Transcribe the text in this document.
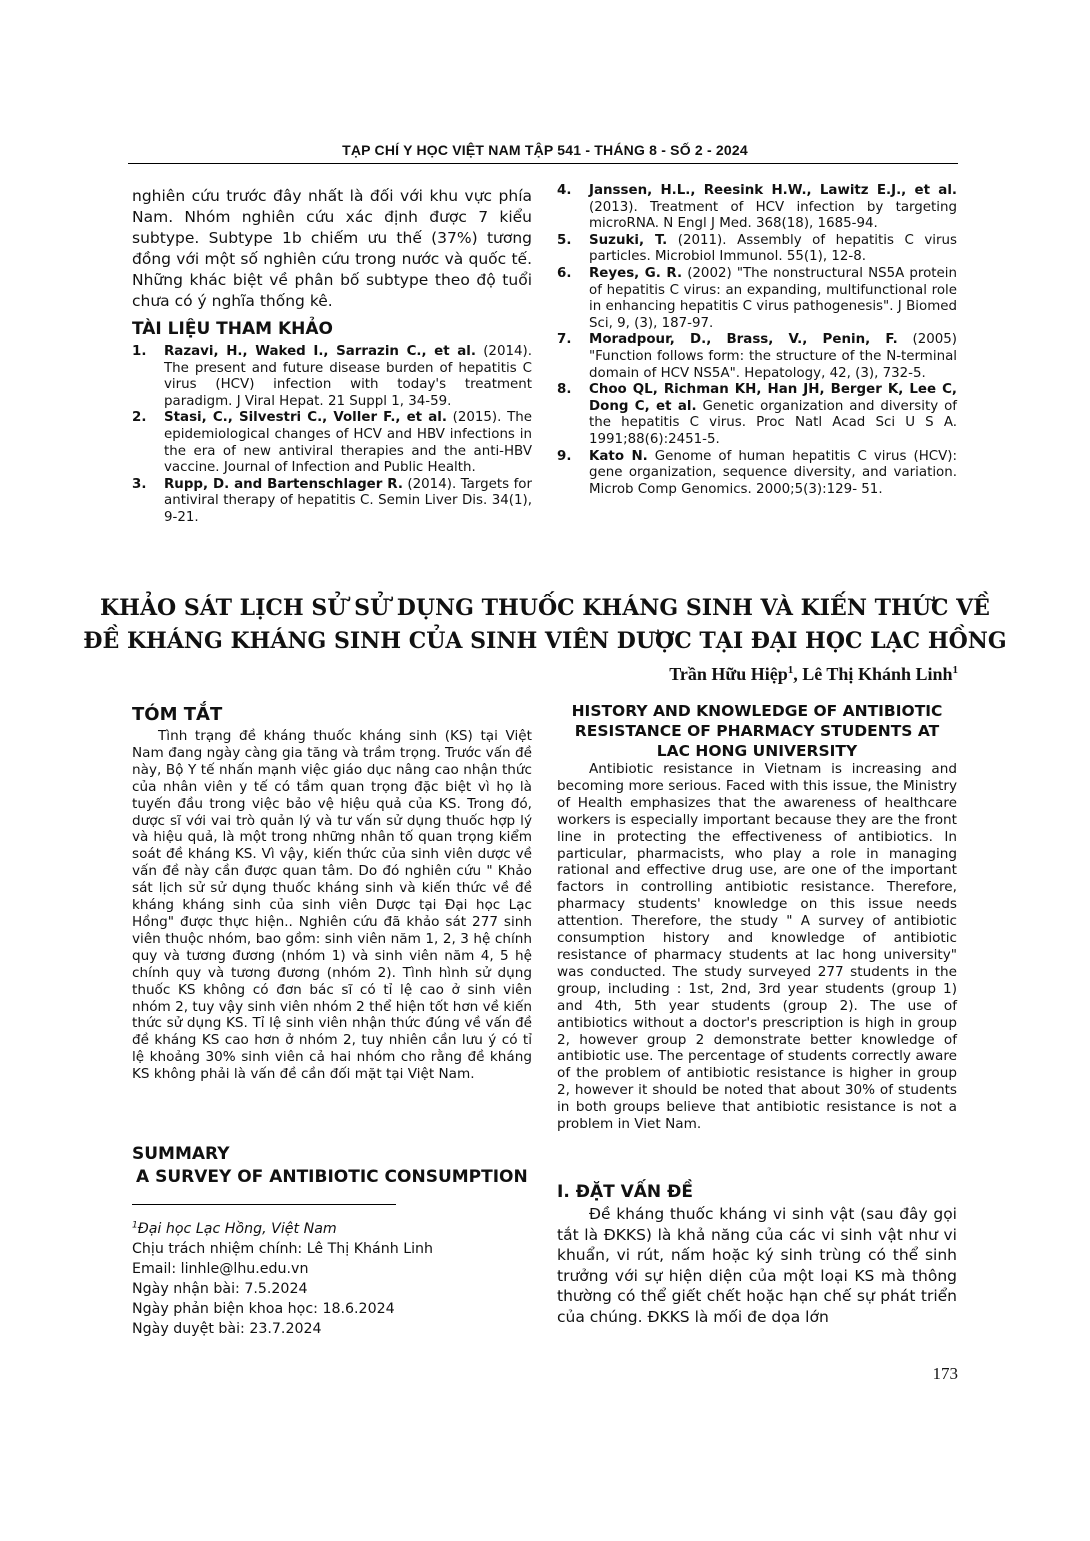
TẠP CHÍ Y HỌC VIỆT NAM TẬP 541 - THÁNG 8 - SỐ 2 - 2024
nghiên cứu trước đây nhất là đối với khu vực phía Nam. Nhóm nghiên cứu xác định được 7 kiểu subtype. Subtype 1b chiếm ưu thế (37%) tương đồng với một số nghiên cứu trong nước và quốc tế. Những khác biệt về phân bố subtype theo độ tuổi chưa có ý nghĩa thống kê.
TÀI LIỆU THAM KHẢO
1.	Razavi, H., Waked I., Sarrazin C., et al. (2014). The present and future disease burden of hepatitis C virus (HCV) infection with today's treatment paradigm. J Viral Hepat. 21 Suppl 1, 34-59.
2.	Stasi, C., Silvestri C., Voller F., et al. (2015). The epidemiological changes of HCV and HBV infections in the era of new antiviral therapies and the anti-HBV vaccine. Journal of Infection and Public Health.
3.	Rupp, D. and Bartenschlager R. (2014). Targets for antiviral therapy of hepatitis C. Semin Liver Dis. 34(1), 9-21.
4.	Janssen, H.L., Reesink H.W., Lawitz E.J., et al. (2013). Treatment of HCV infection by targeting microRNA. N Engl J Med. 368(18), 1685-94.
5.	Suzuki, T. (2011). Assembly of hepatitis C virus particles. Microbiol Immunol. 55(1), 12-8.
6.	Reyes, G. R. (2002) "The nonstructural NS5A protein of hepatitis C virus: an expanding, multifunctional role in enhancing hepatitis C virus pathogenesis". J Biomed Sci, 9, (3), 187-97.
7.	Moradpour, D., Brass, V., Penin, F. (2005) "Function follows form: the structure of the N-terminal domain of HCV NS5A". Hepatology, 42, (3), 732-5.
8.	Choo QL, Richman KH, Han JH, Berger K, Lee C, Dong C, et al. Genetic organization and diversity of the hepatitis C virus. Proc Natl Acad Sci U S A. 1991;88(6):2451-5.
9.	Kato N. Genome of human hepatitis C virus (HCV): gene organization, sequence diversity, and variation. Microb Comp Genomics. 2000;5(3):129- 51.
KHẢO SÁT LỊCH SỬ SỬ DỤNG THUỐC KHÁNG SINH VÀ KIẾN THỨC VỀ
ĐỀ KHÁNG KHÁNG SINH CỦA SINH VIÊN DƯỢC TẠI ĐẠI HỌC LẠC HỒNG
Trần Hữu Hiệp$^1$, Lê Thị Khánh Linh$^1$
TÓM TẮT
Tình trạng đề kháng thuốc kháng sinh (KS) tại Việt Nam đang ngày càng gia tăng và trầm trọng. Trước vấn đề này, Bộ Y tế nhấn mạnh việc giáo dục nâng cao nhận thức của nhân viên y tế có tầm quan trọng đặc biệt vì họ là tuyến đầu trong việc bảo vệ hiệu quả của KS. Trong đó, dược sĩ với vai trò quản lý và tư vấn sử dụng thuốc hợp lý và hiệu quả, là một trong những nhân tố quan trọng kiểm soát đề kháng KS. Vì vậy, kiến thức của sinh viên dược về vấn đề này cần được quan tâm. Do đó nghiên cứu " Khảo sát lịch sử sử dụng thuốc kháng sinh và kiến thức về đề kháng kháng sinh của sinh viên Dược tại Đại học Lạc Hồng" được thực hiện.. Nghiên cứu đã khảo sát 277 sinh viên thuộc nhóm, bao gồm: sinh viên năm 1, 2, 3 hệ chính quy và tương đương (nhóm 1) và sinh viên năm 4, 5 hệ chính quy và tương đương (nhóm 2). Tình hình sử dụng thuốc KS không có đơn bác sĩ có tỉ lệ cao ở sinh viên nhóm 2, tuy vậy sinh viên nhóm 2 thể hiện tốt hơn về kiến thức sử dụng KS. Tỉ lệ sinh viên nhận thức đúng về vấn đề đề kháng KS cao hơn ở nhóm 2, tuy nhiên cần lưu ý có tỉ lệ khoảng 30% sinh viên cả hai nhóm cho rằng đề kháng KS không phải là vấn đề cần đối mặt tại Việt Nam.
SUMMARY
A SURVEY OF ANTIBIOTIC CONSUMPTION
$^1$Đại học Lạc Hồng, Việt Nam
Chịu trách nhiệm chính: Lê Thị Khánh Linh
Email: linhle@lhu.edu.vn
Ngày nhận bài: 7.5.2024
Ngày phản biện khoa học: 18.6.2024
Ngày duyệt bài: 23.7.2024
HISTORY AND KNOWLEDGE OF ANTIBIOTIC RESISTANCE OF PHARMACY STUDENTS AT LAC HONG UNIVERSITY
Antibiotic resistance in Vietnam is increasing and becoming more serious. Faced with this issue, the Ministry of Health emphasizes that the awareness of healthcare workers is especially important because they are the front line in protecting the effectiveness of antibiotics. In particular, pharmacists, who play a role in managing rational and effective drug use, are one of the important factors in controlling antibiotic resistance. Therefore, pharmacy students' knowledge on this issue needs attention. Therefore, the study " A survey of antibiotic consumption history and knowledge of antibiotic resistance of pharmacy students at lac hong university" was conducted. The study surveyed 277 students in the group, including : 1st, 2nd, 3rd year students (group 1) and 4th, 5th year students (group 2). The use of antibiotics without a doctor's prescription is high in group 2, however group 2 demonstrate better knowledge of antibiotic use. The percentage of students correctly aware of the problem of antibiotic resistance is higher in group 2, however it should be noted that about 30% of students in both groups believe that antibiotic resistance is not a problem in Viet Nam.
I. ĐẶT VẤN ĐỀ
Đề kháng thuốc kháng vi sinh vật (sau đây gọi tắt là ĐKKS) là khả năng của các vi sinh vật như vi khuẩn, vi rút, nấm hoặc ký sinh trùng có thể sinh trưởng với sự hiện diện của một loại KS mà thông thường có thể giết chết hoặc hạn chế sự phát triển của chúng. ĐKKS là mối đe dọa lớn
173
